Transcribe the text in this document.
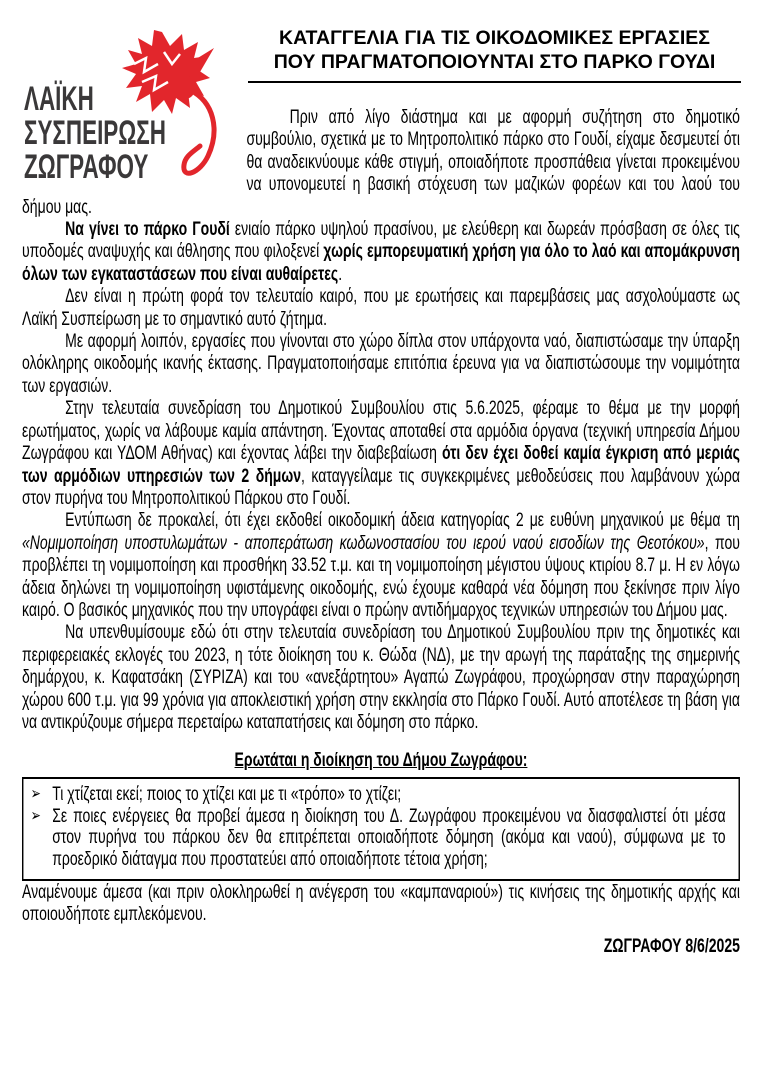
ΛΑΪΚΗ
ΣΥΣΠΕΙΡΩΣΗ
ΖΩΓΡΑΦΟΥ
ΚΑΤΑΓΓΕΛΙΑ ΓΙΑ ΤΙΣ ΟΙΚΟΔΟΜΙΚΕΣ ΕΡΓΑΣΙΕΣ
ΠΟΥ ΠΡΑΓΜΑΤΟΠΟΙΟΥΝΤΑΙ ΣΤΟ ΠΑΡΚΟ ΓΟΥΔΙ

Πριν από λίγο διάστημα και με αφορμή συζήτηση στο δημοτικό συμβούλιο, σχετικά με το Μητροπολιτικό πάρκο στο Γουδί, είχαμε δεσμευτεί ότι θα αναδεικνύουμε κάθε στιγμή, οποιαδήποτε προσπάθεια γίνεται προκειμένου να υπονομευτεί η βασική στόχευση των μαζικών φορέων και του λαού του δήμου μας.

Να γίνει το πάρκο Γουδί ενιαίο πάρκο υψηλού πρασίνου, με ελεύθερη και δωρεάν πρόσβαση σε όλες τις υποδομές αναψυχής και άθλησης που φιλοξενεί χωρίς εμπορευματική χρήση για όλο το λαό και απομάκρυνση όλων των εγκαταστάσεων που είναι αυθαίρετες.

Δεν είναι η πρώτη φορά τον τελευταίο καιρό, που με ερωτήσεις και παρεμβάσεις μας ασχολούμαστε ως Λαϊκή Συσπείρωση με το σημαντικό αυτό ζήτημα.

Με αφορμή λοιπόν, εργασίες που γίνονται στο χώρο δίπλα στον υπάρχοντα ναό, διαπιστώσαμε την ύπαρξη ολόκληρης οικοδομής ικανής έκτασης. Πραγματοποιήσαμε επιτόπια έρευνα για να διαπιστώσουμε την νομιμότητα των εργασιών.

Στην τελευταία συνεδρίαση του Δημοτικού Συμβουλίου στις 5.6.2025, φέραμε το θέμα με την μορφή ερωτήματος, χωρίς να λάβουμε καμία απάντηση. Έχοντας αποταθεί στα αρμόδια όργανα (τεχνική υπηρεσία Δήμου Ζωγράφου και ΥΔΟΜ Αθήνας) και έχοντας λάβει την διαβεβαίωση ότι δεν έχει δοθεί καμία έγκριση από μεριάς των αρμόδιων υπηρεσιών των 2 δήμων, καταγγείλαμε τις συγκεκριμένες μεθοδεύσεις που λαμβάνουν χώρα στον πυρήνα του Μητροπολιτικού Πάρκου στο Γουδί.

Εντύπωση δε προκαλεί, ότι έχει εκδοθεί οικοδομική άδεια κατηγορίας 2 με ευθύνη μηχανικού με θέμα τη «Νομιμοποίηση υποστυλωμάτων - αποπεράτωση κωδωνοστασίου του ιερού ναού εισοδίων της Θεοτόκου», που προβλέπει τη νομιμοποίηση και προσθήκη 33.52 τ.μ. και τη νομιμοποίηση μέγιστου ύψους κτιρίου 8.7 μ. Η εν λόγω άδεια δηλώνει τη νομιμοποίηση υφιστάμενης οικοδομής, ενώ έχουμε καθαρά νέα δόμηση που ξεκίνησε πριν λίγο καιρό. Ο βασικός μηχανικός που την υπογράφει είναι ο πρώην αντιδήμαρχος τεχνικών υπηρεσιών του Δήμου μας.

Να υπενθυμίσουμε εδώ ότι στην τελευταία συνεδρίαση του Δημοτικού Συμβουλίου πριν της δημοτικές και περιφερειακές εκλογές του 2023, η τότε διοίκηση του κ. Θώδα (ΝΔ), με την αρωγή της παράταξης της σημερινής δημάρχου, κ. Καφατσάκη (ΣΥΡΙΖΑ) και του «ανεξάρτητου» Αγαπώ Ζωγράφου, προχώρησαν στην παραχώρηση χώρου 600 τ.μ. για 99 χρόνια για αποκλειστική χρήση στην εκκλησία στο Πάρκο Γουδί. Αυτό αποτέλεσε τη βάση για να αντικρύζουμε σήμερα περεταίρω καταπατήσεις και δόμηση στο πάρκο.

Ερωτάται η διοίκηση του Δήμου Ζωγράφου:
➢ Τι χτίζεται εκεί; ποιος το χτίζει και με τι «τρόπο» το χτίζει;
➢ Σε ποιες ενέργειες θα προβεί άμεσα η διοίκηση του Δ. Ζωγράφου προκειμένου να διασφαλιστεί ότι μέσα στον πυρήνα του πάρκου δεν θα επιτρέπεται οποιαδήποτε δόμηση (ακόμα και ναού), σύμφωνα με το προεδρικό διάταγμα που προστατεύει από οποιαδήποτε τέτοια χρήση;

Αναμένουμε άμεσα (και πριν ολοκληρωθεί η ανέγερση του «καμπαναριού») τις κινήσεις της δημοτικής αρχής και οποιουδήποτε εμπλεκόμενου.

ΖΩΓΡΑΦΟΥ 8/6/2025
